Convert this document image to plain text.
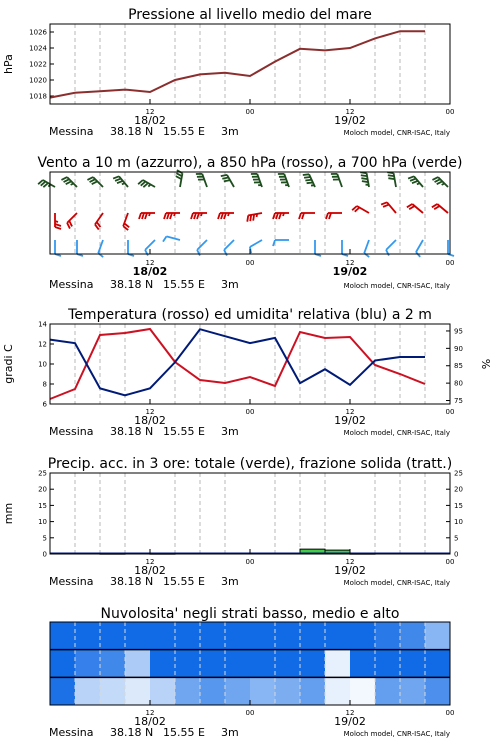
Pressione al livello medio del mare
1018
1020
1022
1024
1026
hPa
12	00	12	00
18/02	19/02
Messina 38.18 N 15.55 E 3m	Moloch model, CNR-ISAC, Italy
Vento a 10 m (azzurro), a 850 hPa (rosso), a 700 hPa (verde)
12	00	12	00
18/02	19/02
Messina 38.18 N 15.55 E 3m	Moloch model, CNR-ISAC, Italy
Temperatura (rosso) ed umidita' relativa (blu) a 2 m
6
8
10
12
14
gradi C
75
80
85
90
95
%
12	00	12	00
18/02	19/02
Messina 38.18 N 15.55 E 3m	Moloch model, CNR-ISAC, Italy
Precip. acc. in 3 ore: totale (verde), frazione solida (tratt.)
0
5
10
15
20
25
mm
0
5
10
15
20
25
12	00	12	00
18/02	19/02
Messina 38.18 N 15.55 E 3m	Moloch model, CNR-ISAC, Italy
Nuvolosita' negli strati basso, medio e alto
12	00	12	00
18/02	19/02
Messina 38.18 N 15.55 E 3m	Moloch model, CNR-ISAC, Italy
